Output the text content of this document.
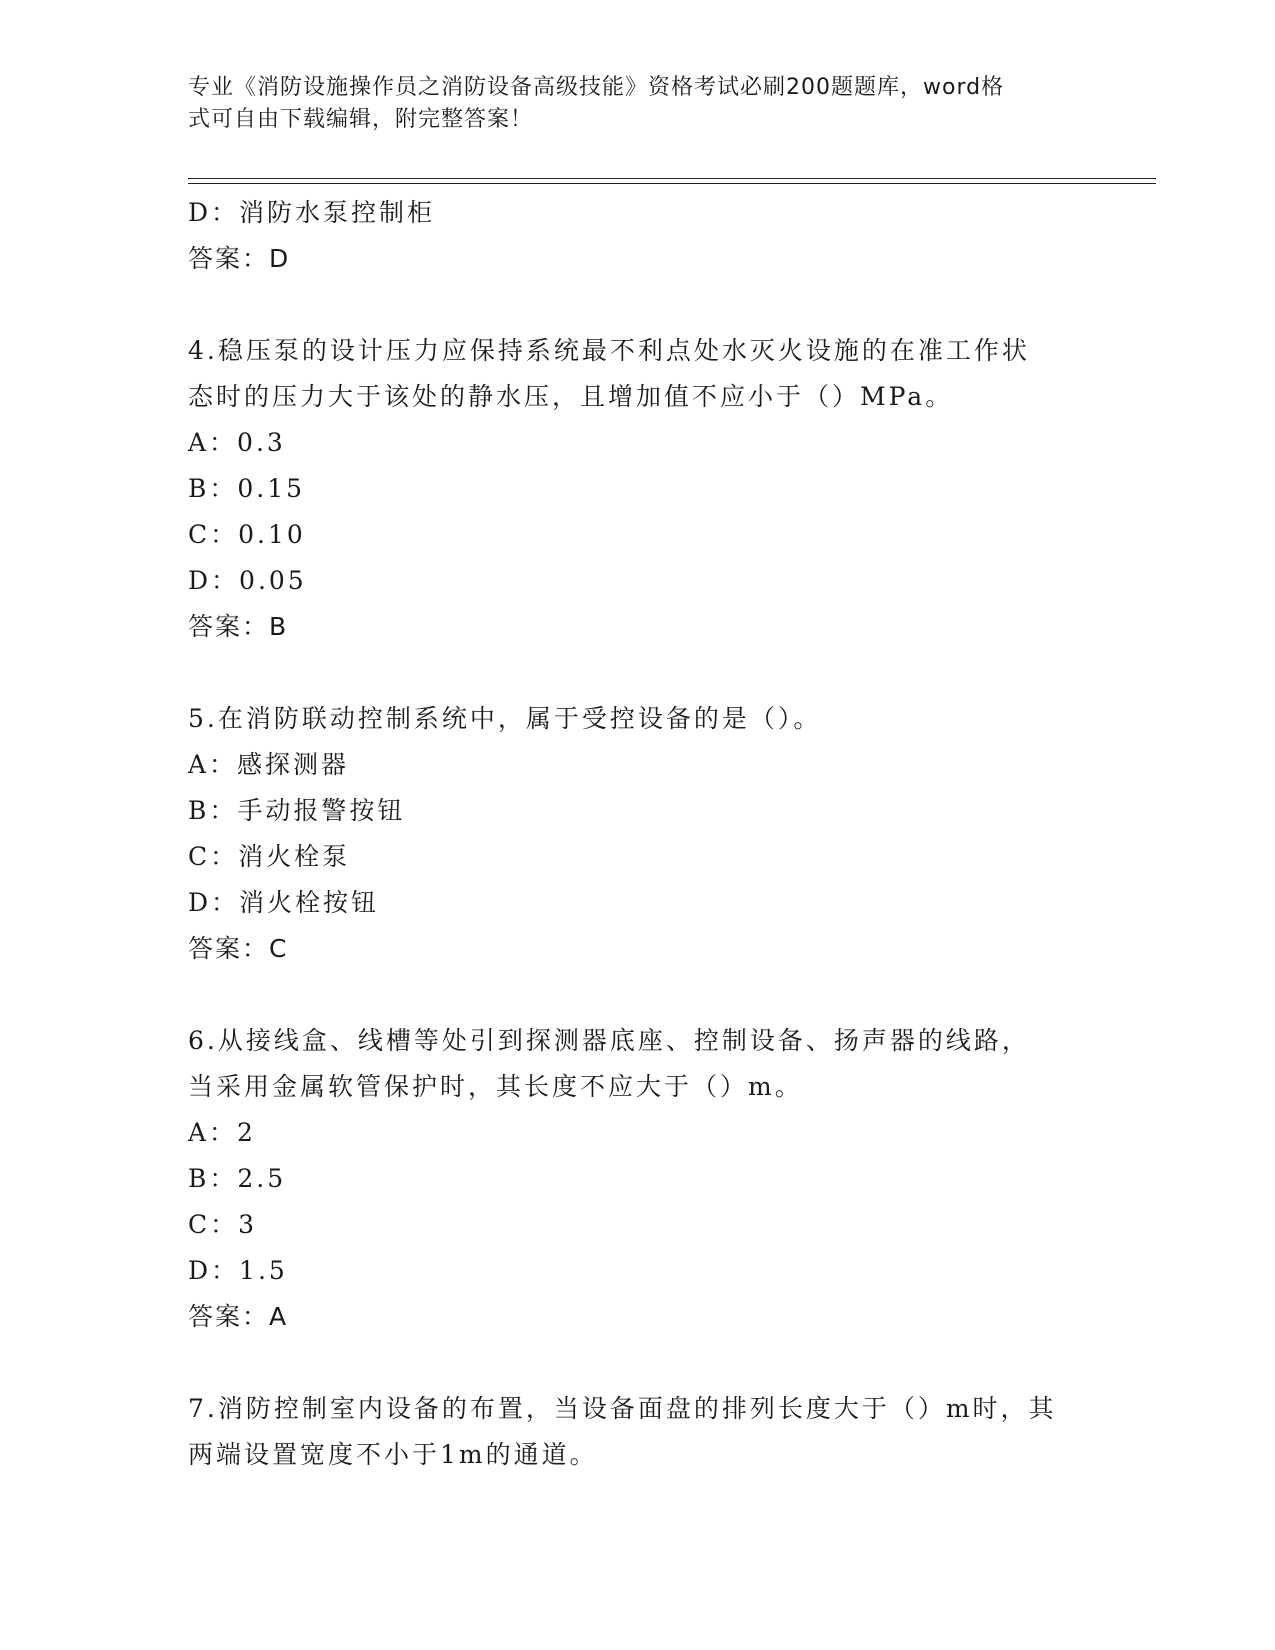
专业《消防设施操作员之消防设备高级技能》资格考试必刷200题题库，word格
式可自由下载编辑，附完整答案！
D：消防水泵控制柜
答案：D
4.稳压泵的设计压力应保持系统最不利点处水灭火设施的在准工作状
态时的压力大于该处的静水压，且增加值不应小于（）MPa。
A：0.3
B：0.15
C：0.10
D：0.05
答案：B
5.在消防联动控制系统中，属于受控设备的是（）。
A：感探测器
B：手动报警按钮
C：消火栓泵
D：消火栓按钮
答案：C
6.从接线盒、线槽等处引到探测器底座、控制设备、扬声器的线路，
当采用金属软管保护时，其长度不应大于（）m。
A：2
B：2.5
C：3
D：1.5
答案：A
7.消防控制室内设备的布置，当设备面盘的排列长度大于（）m时，其
两端设置宽度不小于1m的通道。
